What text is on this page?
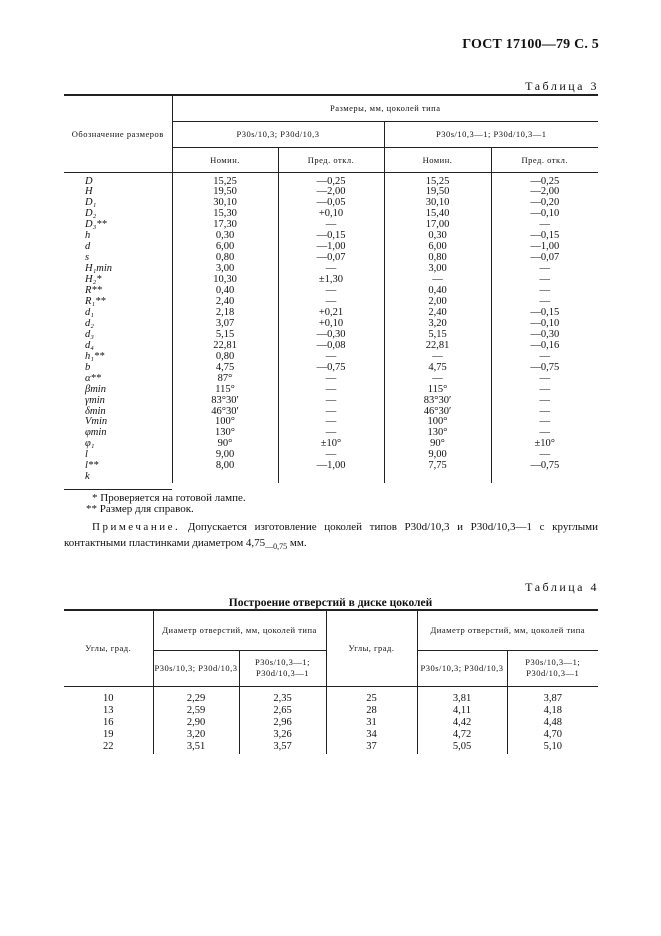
ГОСТ 17100—79 С. 5
Таблица 3
Обозначение размеров	Размеры, мм, цоколей типа			
	P30s/10,3; P30d/10,3		P30s/10,3—1; P30d/10,3—1	
	Номин.	Пред. откл.	Номин.	Пред. откл.
D	15,25	—0,25	15,25	—0,25
H	19,50	—2,00	19,50	—2,00
D₁	30,10	—0,05	30,10	—0,20
D₂	15,30	+0,10	15,40	—0,10
D₃**	17,30	—	17,00	—
h	0,30	—0,15	0,30	—0,15
d	6,00	—1,00	6,00	—1,00
s	0,80	—0,07	0,80	—0,07
H₁min	3,00	—	3,00	—
H₂*	10,30	±1,30	—	—
R**	0,40	—	0,40	—
R₁**	2,40	—	2,00	—
d₁	2,18	+0,21	2,40	—0,15
d₂	3,07	+0,10	3,20	—0,10
d₃	5,15	—0,30	5,15	—0,30
d₄	22,81	—0,08	22,81	—0,16
h₁**	0,80	—	—	—
b	4,75	—0,75	4,75	—0,75
α**	87°	—	—	—
βmin	115°	—	115°	—
γmin	83°30′	—	83°30′	—
δmin	46°30′	—	46°30′	—
Vmin	100°	—	100°	—
φmin	130°	—	130°	—
φ₁	90°	±10°	90°	±10°
l	9,00	—	9,00	—
l**	8,00	—1,00	7,75	—0,75
k				
* Проверяется на готовой лампе.
** Размер для справок.
Примечание. Допускается изготовление цоколей типов P30d/10,3 и P30d/10,3—1 с круглыми контактными пластинками диаметром $4,75_{—0,75}$ мм.
Таблица 4
Построение отверстий в диске цоколей
Углы, град.	Диаметр отверстий, мм, цоколей типа		Углы, град.	Диаметр отверстий, мм, цоколей типа	
	P30s/10,3; P30d/10,3	P30s/10,3—1; P30d/10,3—1		P30s/10,3; P30d/10,3	P30s/10,3—1; P30d/10,3—1
10	2,29	2,35	25	3,81	3,87
13	2,59	2,65	28	4,11	4,18
16	2,90	2,96	31	4,42	4,48
19	3,20	3,26	34	4,72	4,70
22	3,51	3,57	37	5,05	5,10
